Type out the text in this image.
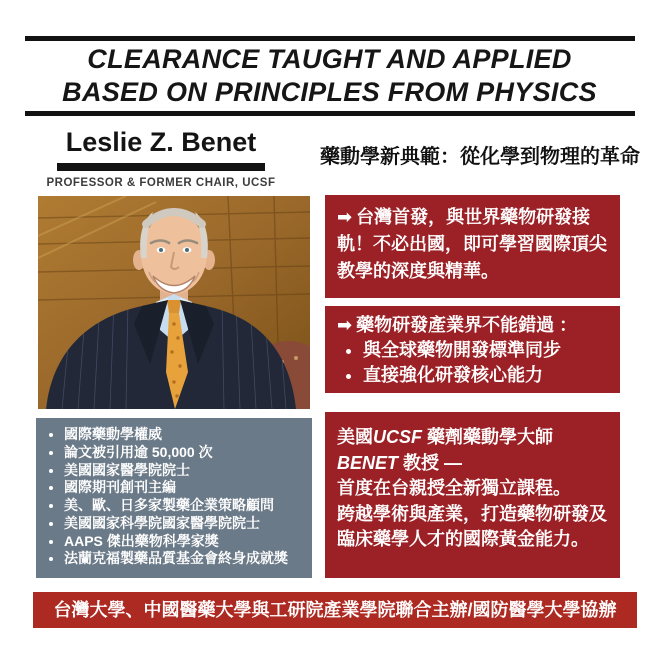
CLEARANCE TAUGHT AND APPLIED
BASED ON PRINCIPLES FROM PHYSICS
Leslie Z. Benet
PROFESSOR & FORMER CHAIR, UCSF
藥動學新典範：從化學到物理的革命
➡ 台灣首發，與世界藥物研發接軌！不必出國，即可學習國際頂尖教學的深度與精華。
➡ 藥物研發產業界不能錯過 ：
• 與全球藥物開發標準同步
• 直接強化研發核心能力
• 國際藥動學權威
• 論文被引用逾 50,000 次
• 美國國家醫學院院士
• 國際期刊創刊主編
• 美、歐、日多家製藥企業策略顧問
• 美國國家科學院國家醫學院院士
• AAPS 傑出藥物科學家獎
• 法蘭克福製藥品質基金會終身成就獎

美國UCSF 藥劑藥動學大師 BENET 教授 —

首度在台親授全新獨立課程。

跨越學術與產業，打造藥物研發及臨床藥學人才的國際黃金能力。

台灣大學、中國醫藥大學與工研院產業學院聯合主辦/國防醫學大學協辦
